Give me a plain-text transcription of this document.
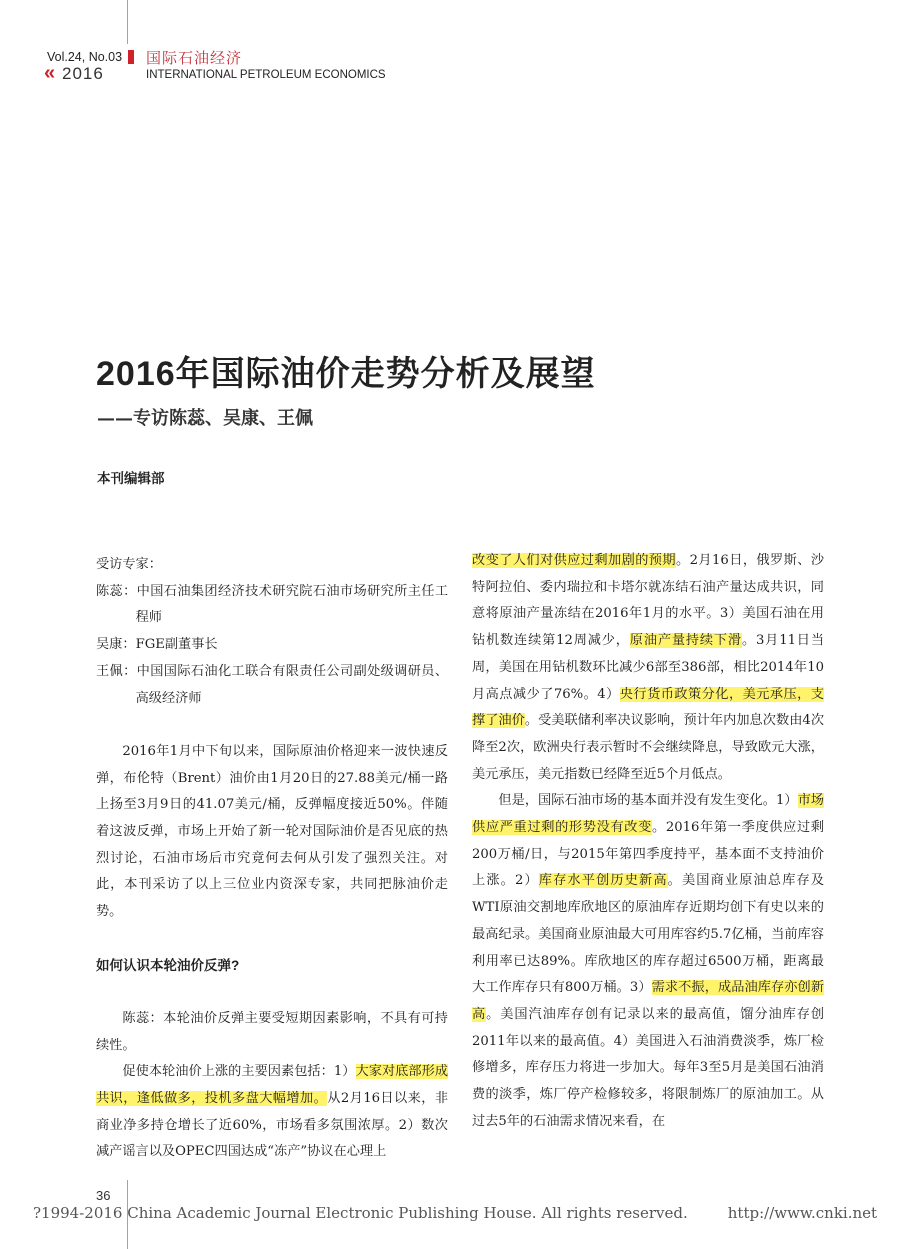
Vol.24, No.03 国际石油经济
« 2016	INTERNATIONAL PETROLEUM ECONOMICS
2016年国际油价走势分析及展望
——专访陈蕊、吴康、王佩
本刊编辑部

受访专家：

陈蕊：中国石油集团经济技术研究院石油市场研究所主任工程师

吴康：FGE副董事长

王佩：中国国际石油化工联合有限责任公司副处级调研员、高级经济师

2016年1月中下旬以来，国际原油价格迎来一波快速反弹，布伦特（Brent）油价由1月20日的27.88美元/桶一路上扬至3月9日的41.07美元/桶，反弹幅度接近50%。伴随着这波反弹，市场上开始了新一轮对国际油价是否见底的热烈讨论，石油市场后市究竟何去何从引发了强烈关注。对此，本刊采访了以上三位业内资深专家，共同把脉油价走势。

如何认识本轮油价反弹?

陈蕊：本轮油价反弹主要受短期因素影响，不具有可持续性。

促使本轮油价上涨的主要因素包括：1）大家对底部形成共识，逢低做多，投机多盘大幅增加。从2月16日以来，非商业净多持仓增长了近60%，市场看多氛围浓厚。2）数次减产谣言以及OPEC四国达成“冻产”协议在心理上

改变了人们对供应过剩加剧的预期。2月16日，俄罗斯、沙特阿拉伯、委内瑞拉和卡塔尔就冻结石油产量达成共识，同意将原油产量冻结在2016年1月的水平。3）美国石油在用钻机数连续第12周减少，原油产量持续下滑。3月11日当周，美国在用钻机数环比减少6部至386部，相比2014年10月高点减少了76%。4）央行货币政策分化，美元承压，支撑了油价。受美联储利率决议影响，预计年内加息次数由4次降至2次，欧洲央行表示暂时不会继续降息，导致欧元大涨，美元承压，美元指数已经降至近5个月低点。

但是，国际石油市场的基本面并没有发生变化。1）市场供应严重过剩的形势没有改变。2016年第一季度供应过剩200万桶/日，与2015年第四季度持平，基本面不支持油价上涨。2）库存水平创历史新高。美国商业原油总库存及WTI原油交割地库欣地区的原油库存近期均创下有史以来的最高纪录。美国商业原油最大可用库容约5.7亿桶，当前库容利用率已达89%。库欣地区的库存超过6500万桶，距离最大工作库存只有800万桶。3）需求不振，成品油库存亦创新高。美国汽油库存创有记录以来的最高值，馏分油库存创2011年以来的最高值。4）美国进入石油消费淡季，炼厂检修增多，库存压力将进一步加大。每年3至5月是美国石油消费的淡季，炼厂停产检修较多，将限制炼厂的原油加工。从过去5年的石油需求情况来看，在

36
?1994-2016 China Academic Journal Electronic Publishing House. All rights reserved.	http://www.cnki.net
